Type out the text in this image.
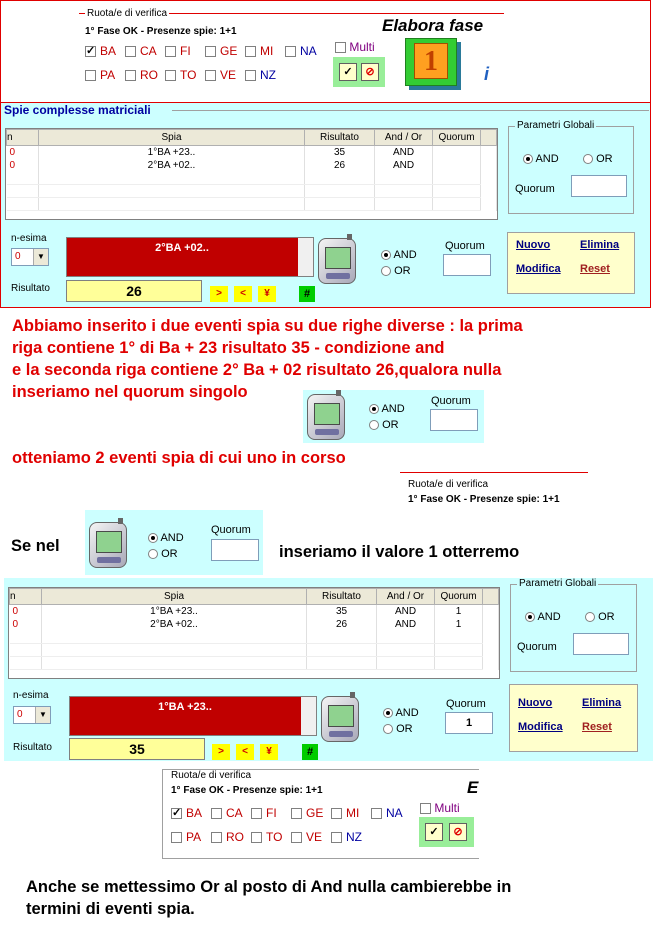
Ruota/e di verifica
1° Fase OK - Presenze spie: 1+1
✓BA	CA	FI	GE	MI	NA
PA	RO	TO	VE	NZ
Elabora fase
1	i
Multi
✓	⊘
Spie complesse matriciali
n	Spia	Risultato	And / Or	Quorum	
0	1°BA +23..	35	AND		
0	2°BA +02..	26	AND		

Parametri Globali
AND	OR
Quorum
n-esima
0	▼
Risultato
2°BA +02..
26	>	<	¥	#
AND
OR
Quorum	Nuovo	Elimina
Modifica Reset
Abbiamo inserito i due eventi spia su due righe diverse : la prima
riga contiene 1° di Ba + 23 risultato 35 - condizione and
e la seconda riga contiene 2° Ba + 02 risultato 26,qualora nulla
inseriamo nel quorum singolo
AND
OR
Quorum
otteniamo 2 eventi spia di cui uno in corso
Ruota/e di verifica
1° Fase OK - Presenze spie: 1+1
Se nel	AND
OR
Quorum
inseriamo il valore 1 otterremo
n	Spia	Risultato	And / Or	Quorum	
0	1°BA +23..	35	AND	1	
0	2°BA +02..	26	AND	1	

Parametri Globali
AND	OR
Quorum
n-esima
0	▼
Risultato
1°BA +23..
35	>	<	¥	#
AND
OR
Quorum
1
Nuovo	Elimina
Modifica Reset
Ruota/e di verifica
1° Fase OK - Presenze spie: 1+1	E
✓BA	CA	FI	GE	MI	NA
PA	RO	TO	VE	NZ
Multi
✓	⊘
Anche se mettessimo Or al posto di And nulla cambierebbe in
termini di eventi spia.
